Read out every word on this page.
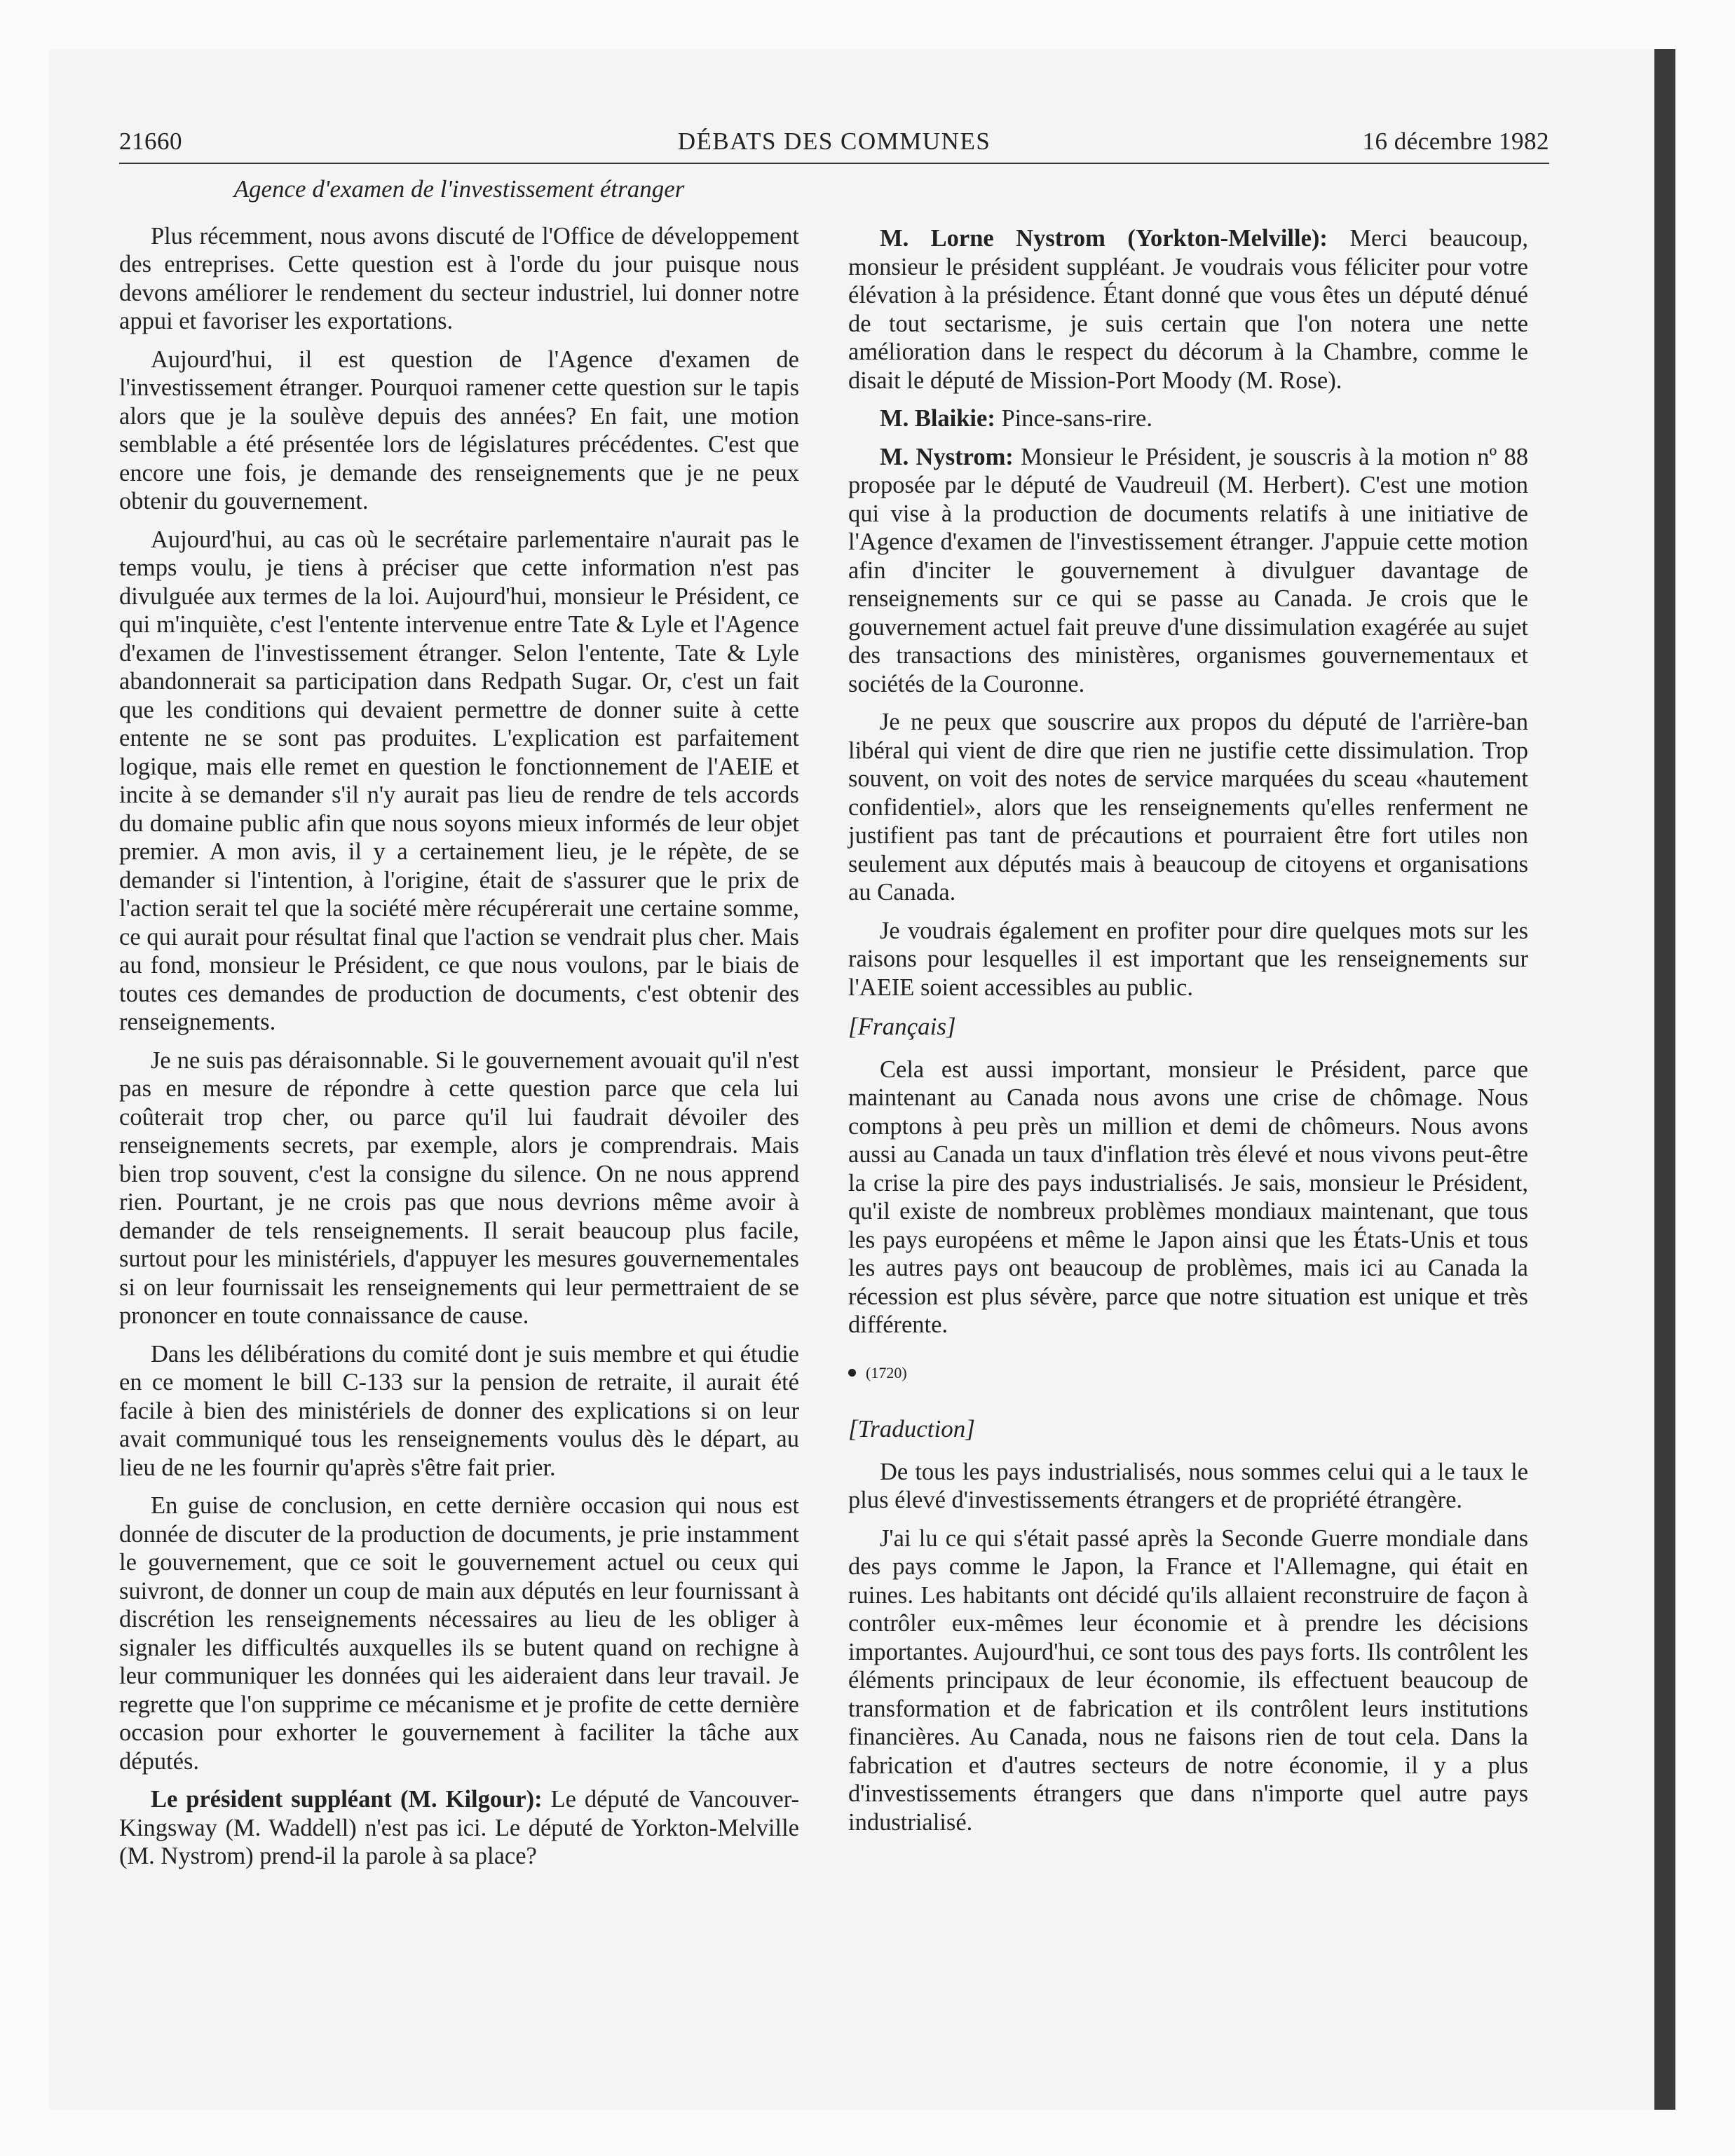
21660	DÉBATS DES COMMUNES	16 décembre 1982
Agence d'examen de l'investissement étranger

Plus récemment, nous avons discuté de l'Office de développement des entreprises. Cette question est à l'orde du jour puisque nous devons améliorer le rendement du secteur industriel, lui donner notre appui et favoriser les exportations.

Aujourd'hui, il est question de l'Agence d'examen de l'investissement étranger. Pourquoi ramener cette question sur le tapis alors que je la soulève depuis des années? En fait, une motion semblable a été présentée lors de législatures précédentes. C'est que encore une fois, je demande des renseignements que je ne peux obtenir du gouvernement.

Aujourd'hui, au cas où le secrétaire parlementaire n'aurait pas le temps voulu, je tiens à préciser que cette information n'est pas divulguée aux termes de la loi. Aujourd'hui, monsieur le Président, ce qui m'inquiète, c'est l'entente intervenue entre Tate & Lyle et l'Agence d'examen de l'investissement étranger. Selon l'entente, Tate & Lyle abandonnerait sa participation dans Redpath Sugar. Or, c'est un fait que les conditions qui devaient permettre de donner suite à cette entente ne se sont pas produites. L'explication est parfaitement logique, mais elle remet en question le fonctionnement de l'AEIE et incite à se demander s'il n'y aurait pas lieu de rendre de tels accords du domaine public afin que nous soyons mieux informés de leur objet premier. A mon avis, il y a certainement lieu, je le répète, de se demander si l'intention, à l'origine, était de s'assurer que le prix de l'action serait tel que la société mère récupérerait une certaine somme, ce qui aurait pour résultat final que l'action se vendrait plus cher. Mais au fond, monsieur le Président, ce que nous voulons, par le biais de toutes ces demandes de production de documents, c'est obtenir des renseignements.

Je ne suis pas déraisonnable. Si le gouvernement avouait qu'il n'est pas en mesure de répondre à cette question parce que cela lui coûterait trop cher, ou parce qu'il lui faudrait dévoiler des renseignements secrets, par exemple, alors je comprendrais. Mais bien trop souvent, c'est la consigne du silence. On ne nous apprend rien. Pourtant, je ne crois pas que nous devrions même avoir à demander de tels renseignements. Il serait beaucoup plus facile, surtout pour les ministériels, d'appuyer les mesures gouvernementales si on leur fournissait les renseignements qui leur permettraient de se prononcer en toute connaissance de cause.

Dans les délibérations du comité dont je suis membre et qui étudie en ce moment le bill C-133 sur la pension de retraite, il aurait été facile à bien des ministériels de donner des explications si on leur avait communiqué tous les renseignements voulus dès le départ, au lieu de ne les fournir qu'après s'être fait prier.

En guise de conclusion, en cette dernière occasion qui nous est donnée de discuter de la production de documents, je prie instamment le gouvernement, que ce soit le gouvernement actuel ou ceux qui suivront, de donner un coup de main aux députés en leur fournissant à discrétion les renseignements nécessaires au lieu de les obliger à signaler les difficultés auxquelles ils se butent quand on rechigne à leur communiquer les données qui les aideraient dans leur travail. Je regrette que l'on supprime ce mécanisme et je profite de cette dernière occasion pour exhorter le gouvernement à faciliter la tâche aux députés.

Le président suppléant (M. Kilgour): Le député de Vancouver-Kingsway (M. Waddell) n'est pas ici. Le député de Yorkton-Melville (M. Nystrom) prend-il la parole à sa place?

M. Lorne Nystrom (Yorkton-Melville): Merci beaucoup, monsieur le président suppléant. Je voudrais vous féliciter pour votre élévation à la présidence. Étant donné que vous êtes un député dénué de tout sectarisme, je suis certain que l'on notera une nette amélioration dans le respect du décorum à la Chambre, comme le disait le député de Mission-Port Moody (M. Rose).

M. Blaikie: Pince-sans-rire.

M. Nystrom: Monsieur le Président, je souscris à la motion nº 88 proposée par le député de Vaudreuil (M. Herbert). C'est une motion qui vise à la production de documents relatifs à une initiative de l'Agence d'examen de l'investissement étranger. J'appuie cette motion afin d'inciter le gouvernement à divulguer davantage de renseignements sur ce qui se passe au Canada. Je crois que le gouvernement actuel fait preuve d'une dissimulation exagérée au sujet des transactions des ministères, organismes gouvernementaux et sociétés de la Couronne.

Je ne peux que souscrire aux propos du député de l'arrière-ban libéral qui vient de dire que rien ne justifie cette dissimulation. Trop souvent, on voit des notes de service marquées du sceau «hautement confidentiel», alors que les renseignements qu'elles renferment ne justifient pas tant de précautions et pourraient être fort utiles non seulement aux députés mais à beaucoup de citoyens et organisations au Canada.

Je voudrais également en profiter pour dire quelques mots sur les raisons pour lesquelles il est important que les renseignements sur l'AEIE soient accessibles au public.

[Français]

Cela est aussi important, monsieur le Président, parce que maintenant au Canada nous avons une crise de chômage. Nous comptons à peu près un million et demi de chômeurs. Nous avons aussi au Canada un taux d'inflation très élevé et nous vivons peut-être la crise la pire des pays industrialisés. Je sais, monsieur le Président, qu'il existe de nombreux problèmes mondiaux maintenant, que tous les pays européens et même le Japon ainsi que les États-Unis et tous les autres pays ont beaucoup de problèmes, mais ici au Canada la récession est plus sévère, parce que notre situation est unique et très différente.

(1720)
[Traduction]

De tous les pays industrialisés, nous sommes celui qui a le taux le plus élevé d'investissements étrangers et de propriété étrangère.

J'ai lu ce qui s'était passé après la Seconde Guerre mondiale dans des pays comme le Japon, la France et l'Allemagne, qui était en ruines. Les habitants ont décidé qu'ils allaient reconstruire de façon à contrôler eux-mêmes leur économie et à prendre les décisions importantes. Aujourd'hui, ce sont tous des pays forts. Ils contrôlent les éléments principaux de leur économie, ils effectuent beaucoup de transformation et de fabrication et ils contrôlent leurs institutions financières. Au Canada, nous ne faisons rien de tout cela. Dans la fabrication et d'autres secteurs de notre économie, il y a plus d'investissements étrangers que dans n'importe quel autre pays industrialisé.
